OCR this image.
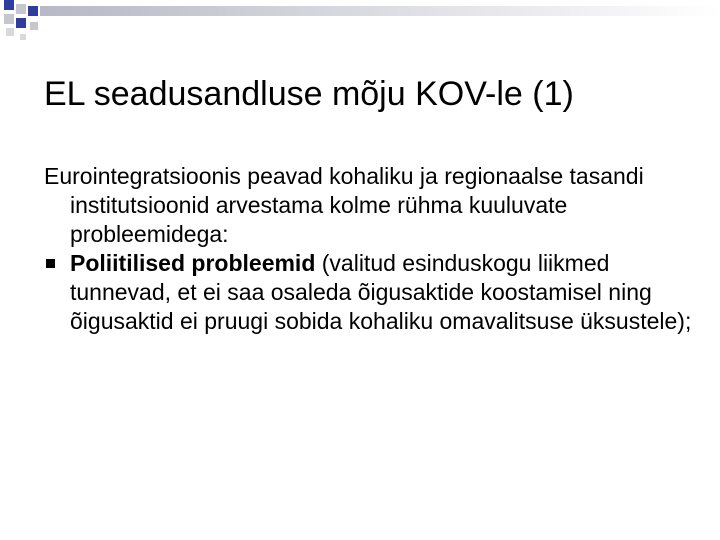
EL seadusandluse mõju KOV-le (1)

Eurointegratsioonis peavad kohaliku ja regionaalse tasandi institutsioonid arvestama kolme rühma kuuluvate probleemidega:

Poliitilised probleemid (valitud esinduskogu liikmed tunnevad, et ei saa osaleda õigusaktide koostamisel ning õigusaktid ei pruugi sobida kohaliku omavalitsuse üksustele);
